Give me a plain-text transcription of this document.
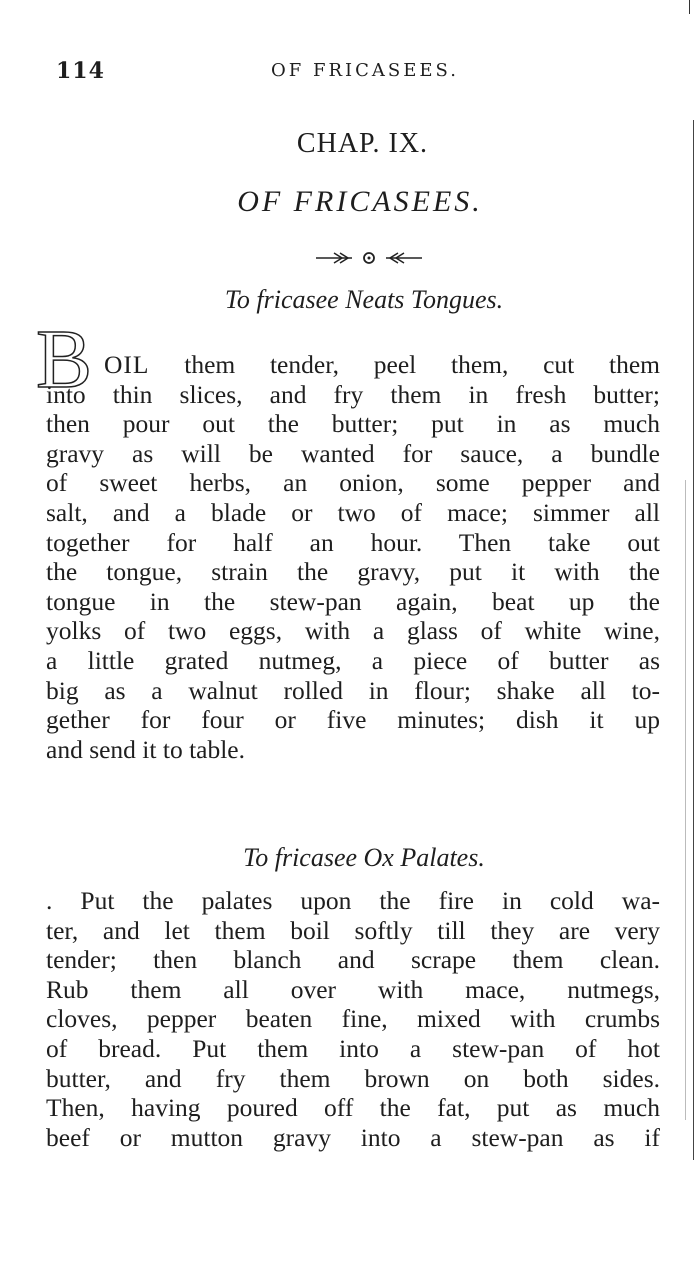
114	OF FRICASEES.
CHAP. IX.
OF FRICASEES.
To fricasee Neats Tongues.
B OIL them tender, peel them, cut them
into thin slices, and fry them in fresh butter;
then pour out the butter; put in as much
gravy as will be wanted for sauce, a bundle
of sweet herbs, an onion, some pepper and
salt, and a blade or two of mace; simmer all
together for half an hour. Then take out
the tongue, strain the gravy, put it with the
tongue in the stew-pan again, beat up the
yolks of two eggs, with a glass of white wine,
a little grated nutmeg, a piece of butter as
big as a walnut rolled in flour; shake all to-
gether for four or five minutes; dish it up
and send it to table.
To fricasee Ox Palates.
. Put the palates upon the fire in cold wa-
ter, and let them boil softly till they are very
tender; then blanch and scrape them clean.
Rub them all over with mace, nutmegs,
cloves, pepper beaten fine, mixed with crumbs
of bread. Put them into a stew-pan of hot
butter, and fry them brown on both sides.
Then, having poured off the fat, put as much
beef or mutton gravy into a stew-pan as if
